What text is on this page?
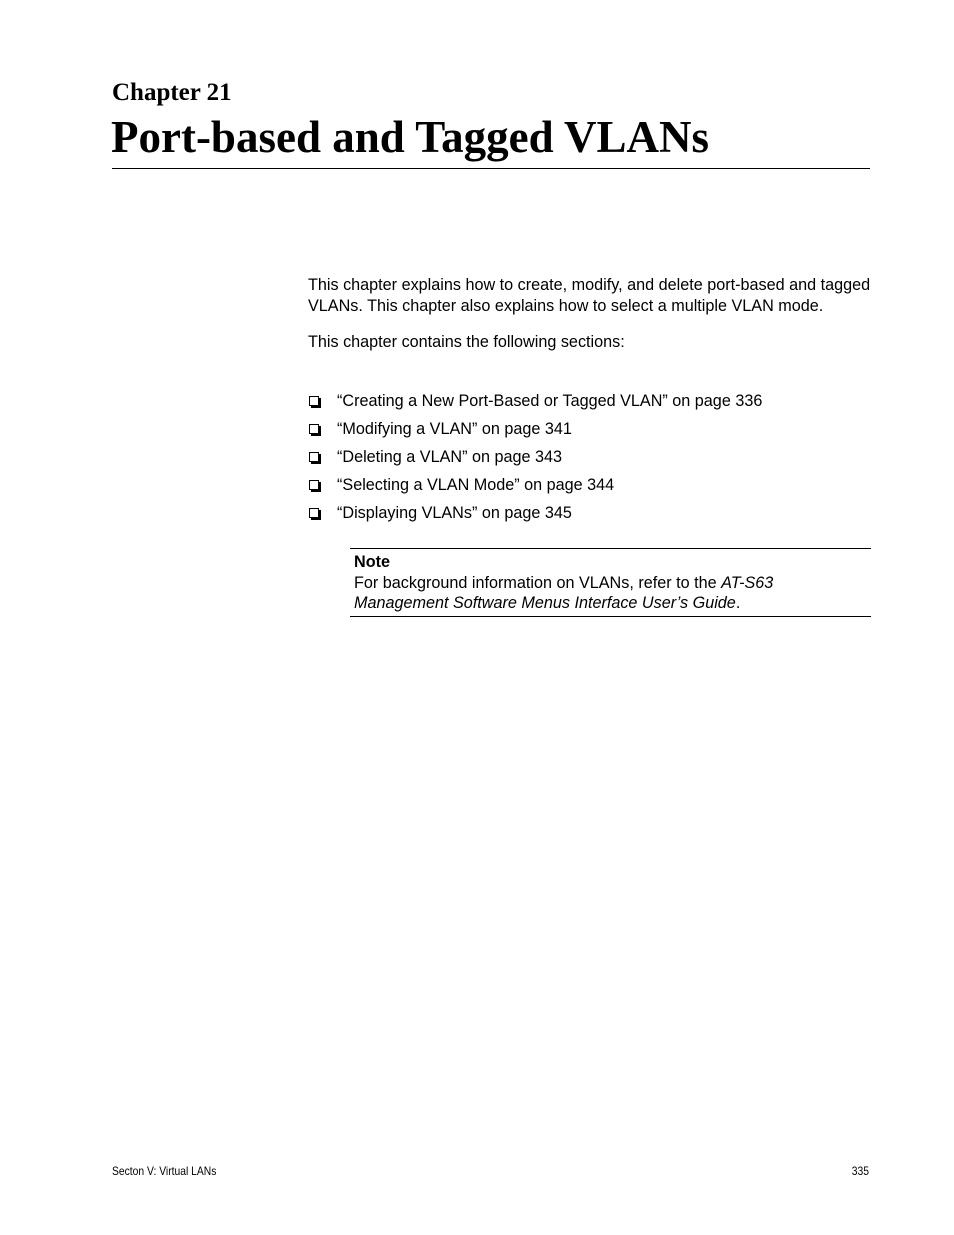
Chapter 21
Port-based and Tagged VLANs

This chapter explains how to create, modify, and delete port-based and tagged VLANs. This chapter also explains how to select a multiple VLAN mode.

This chapter contains the following sections:

“Creating a New Port-Based or Tagged VLAN” on page 336
“Modifying a VLAN” on page 341
“Deleting a VLAN” on page 343
“Selecting a VLAN Mode” on page 344
“Displaying VLANs” on page 345
Note
For background information on VLANs, refer to the AT-S63 Management Software Menus Interface User’s Guide.
Secton V: Virtual LANs	335
